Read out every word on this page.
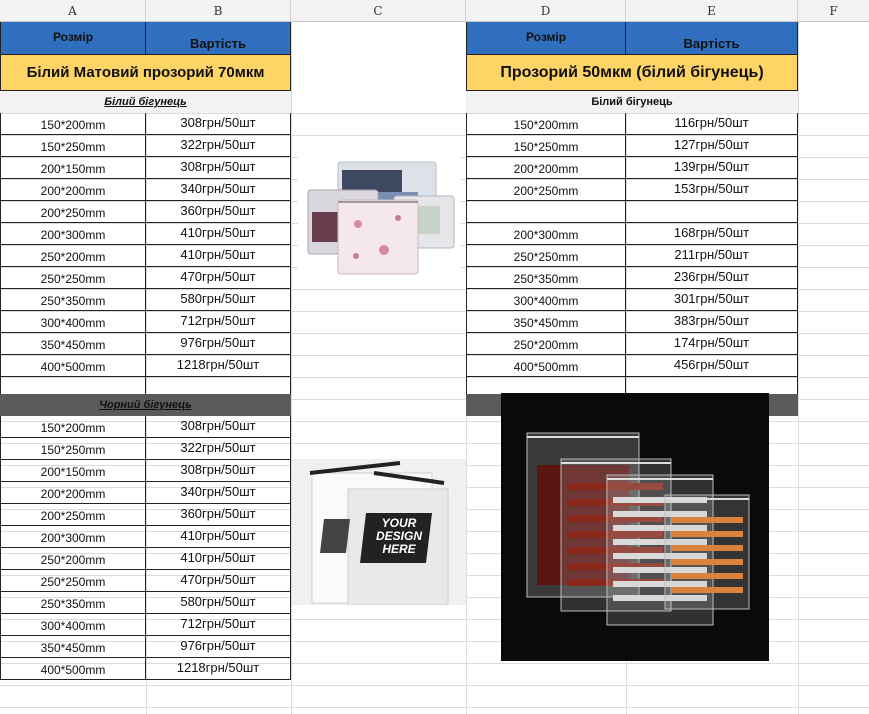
A	B	C	D	E	F
Розмір	Вартість
Білий Матовий прозорий 70мкм
Білий бігунець
150*200mm	308грн/50шт
150*250mm	322грн/50шт
200*150mm	308грн/50шт
200*200mm	340грн/50шт
200*250mm	360грн/50шт
200*300mm	410грн/50шт
250*200mm	410грн/50шт
250*250mm	470грн/50шт
250*350mm	580грн/50шт
300*400mm	712грн/50шт
350*450mm	976грн/50шт
400*500mm	1218грн/50шт
Чорний бігунець
150*200mm	308грн/50шт
150*250mm	322грн/50шт
200*150mm	308грн/50шт
200*200mm	340грн/50шт
200*250mm	360грн/50шт
200*300mm	410грн/50шт
250*200mm	410грн/50шт
250*250mm	470грн/50шт
250*350mm	580грн/50шт
300*400mm	712грн/50шт
350*450mm	976грн/50шт
400*500mm	1218грн/50шт
Розмір	Вартість
Прозорий 50мкм (білий бігунець)
Білий бігунець
150*200mm	116грн/50шт
150*250mm	127грн/50шт
200*200mm	139грн/50шт
200*250mm	153грн/50шт
200*300mm	168грн/50шт
250*250mm	211грн/50шт
250*350mm	236грн/50шт
300*400mm	301грн/50шт
350*450mm	383грн/50шт
250*200mm	174грн/50шт
400*500mm	456грн/50шт
YOUR DESIGN HERE
